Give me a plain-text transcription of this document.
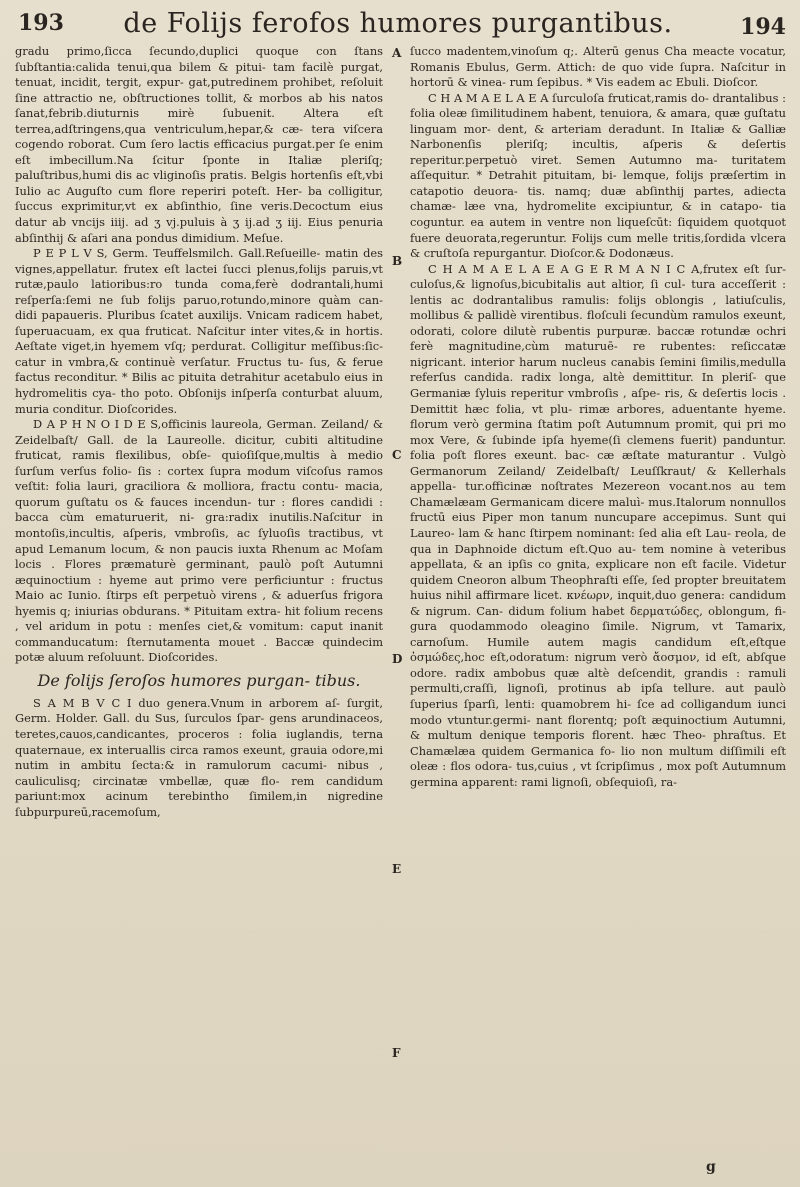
193	de Folijs ferofos humores purgantibus.	194

gradu primo,ſicca ſecundo,duplici quoque con ſtans ſubſtantia:calida tenui,qua bilem & pitui- tam facilè purgat, tenuat, incidit, tergit, expur- gat,putredinem prohibet, reſoluit ſine attractio ne, obſtructiones tollit, & morbos ab his natos ſanat,febrib.diuturnis mirè ſubuenit. Altera eſt terrea,adſtringens,qua ventriculum,hepar,& cæ- tera viſcera cogendo roborat. Cum ſero lactis efficacius purgat.per ſe enim eſt imbecillum.Na ſcitur ſponte in Italiæ pleriſq; paluſtribus,humi dis ac vliginoſis pratis. Belgis hortenſis eſt,vbi Iulio ac Auguſto cum flore reperiri poteſt. Her- ba colligitur, ſuccus exprimitur,vt ex abſinthio, ſine veris.Decoctum eius datur ab vncijs iiij. ad ʒ vj.puluis à ʒ ij.ad ʒ iij. Eius penuria abſinthij & aſari ana pondus dimidium. Meſue.

P E P L V S, Germ. Teuffelsmilch. Gall.Reſueille- matin des vignes,appellatur. frutex eſt lactei ſucci plenus,folijs paruis,vt rutæ,paulo latioribus:ro tunda coma,ferè dodrantali,humi reſperſa:ſemi ne ſub folijs paruo,rotundo,minore quàm can- didi papaueris. Pluribus ſcatet auxilijs. Vnicam radicem habet, ſuperuacuam, ex qua fruticat. Naſcitur inter vites,& in hortis. Aeſtate viget,in hyemem vſq; perdurat. Colligitur meſſibus:ſic- catur in vmbra,& continuè verſatur. Fructus tu- ſus, & ferue factus reconditur. * Bilis ac pituita detrahitur acetabulo eius in hydromelitis cya- tho poto. Obſonijs inſperſa conturbat aluum, muria conditur. Dioſcorides.

D A P H N O I D E S,officinis laureola, German. Zeiland/ & Zeidelbaſt/ Gall. de la Laureolle. dicitur, cubiti altitudine fruticat, ramis flexilibus, obſe- quioſiſque,multis à medio ſurſum verſus folio- ſis : cortex ſupra modum viſcoſus ramos veſtit: folia lauri, graciliora & molliora, fractu contu- macia, quorum guſtatu os & fauces incendun- tur : flores candidi : bacca cùm ematuruerit, ni- gra:radix inutilis.Naſcitur in montoſis,incultis, aſperis, vmbroſis, ac ſyluoſis tractibus, vt apud Lemanum locum, & non paucis iuxta Rhenum ac Moſam locis . Flores præmaturè germinant, paulò poſt Autumni æquinoctium : hyeme aut primo vere perficiuntur : fructus Maio ac Iunio. ſtirps eſt perpetuò virens , & aduerſus frigora hyemis q; iniurias obdurans. * Pituitam extra- hit folium recens , vel aridum in potu : menſes ciet,& vomitum: caput inanit commanducatum: ſternutamenta mouet . Baccæ quindecim potæ aluum reſoluunt. Dioſcorides.

De folijs ſeroſos humores purgan- tibus.

S A M B V C I duo genera.Vnum in arborem aſ- ſurgit, Germ. Holder. Gall. du Sus, ſurculos ſpar- gens arundinaceos, teretes,cauos,candicantes, proceros : folia iuglandis, terna quaternaue, ex interuallis circa ramos exeunt, grauia odore,mi nutim in ambitu ſecta:& in ramulorum cacumi- nibus , cauliculisq; circinatæ vmbellæ, quæ flo- rem candidum pariunt:mox acinum terebintho ſimilem,in nigredine ſubpurpureū,racemoſum,

A
B
C
D
E
F

ſucco madentem,vinoſum q;. Alterū genus Cha meacte vocatur, Romanis Ebulus, Germ. Attich: de quo vide ſupra. Naſcitur in hortorū & vinea- rum ſepibus. * Vis eadem ac Ebuli. Dioſcor.

C H A M A E L A E A ſurculoſa fruticat,ramis do- drantalibus : folia oleæ ſimilitudinem habent, tenuiora, & amara, quæ guſtatu linguam mor- dent, & arteriam deradunt. In Italiæ & Galliæ Narbonenſis pleriſq; incultis, aſperis & deſertis reperitur.perpetuò viret. Semen Autumno ma- turitatem aſſequitur. * Detrahit pituitam, bi- lemque, folijs præſertim in catapotio deuora- tis. namq; duæ abſinthij partes, adiecta chamæ- læe vna, hydromelite excipiuntur, & in catapo- tia coguntur. ea autem in ventre non liqueſcūt: ſiquidem quotquot fuere deuorata,regeruntur. Folijs cum melle tritis,ſordida vlcera & cruſtoſa repurgantur. Dioſcor.& Dodonæus.

C H A M A E L A E A G E R M A N I C A,frutex eſt ſur- culoſus,& lignoſus,bicubitalis aut altior, ſi cul- tura acceſſerit : lentis ac dodrantalibus ramulis: folijs oblongis , latiuſculis, mollibus & pallidè virentibus. floſculi ſecundùm ramulos exeunt, odorati, colore dilutè rubentis purpuræ. baccæ rotundæ ochri ferè magnitudine,cùm maturuē- re rubentes: reſiccatæ nigricant. interior harum nucleus canabis ſemini ſimilis,medulla referſus candida. radix longa, altè demittitur. In pleriſ- que Germaniæ ſyluis reperitur vmbroſis , aſpe- ris, & deſertis locis . Demittit hæc folia, vt plu- rimæ arbores, aduentante hyeme. florum verò germina ſtatim poſt Autumnum promit, qui pri mo mox Vere, & ſubinde ipſa hyeme(ſi clemens fuerit) panduntur. folia poſt flores exeunt. bac- cæ æſtate maturantur . Vulgò Germanorum Zeiland/ Zeidelbaſt/ Leuſſkraut/ & Kellerhals appella- tur.officinæ noſtrates Mezereon vocant.nos au tem Chamælæam Germanicam dicere maluì- mus.Italorum nonnullos fructū eius Piper mon tanum nuncupare accepimus. Sunt qui Laureo- lam & hanc ſtirpem nominant: ſed alia eſt Lau- reola, de qua in Daphnoide dictum eſt.Quo au- tem nomine à veteribus appellata, & an ipſis co gnita, explicare non eſt facile. Videtur quidem Cneoron album Theophraſti eſſe, ſed propter breuitatem huius nihil affirmare licet. κνέωρν, inquit,duo genera: candidum & nigrum. Can- didum folium habet δερματώδες, oblongum, fi- gura quodammodo oleagino ſimile. Nigrum, vt Tamarix, carnoſum. Humile autem magis candidum eſt,eſtque ὀσμώδες,hoc eſt,odoratum: nigrum verò ἄοσμον, id eſt, abſque odore. radix ambobus quæ altè deſcendit, grandis : ramuli permulti,craſſi, lignoſi, protinus ab ipſa tellure. aut paulò ſuperius ſparſi, lenti: quamobrem hi- ſce ad colligandum iunci modo vtuntur.germi- nant florentq; poſt æquinoctium Autumni, & multum denique temporis florent. hæc Theo- phraſtus. Et Chamælæa quidem Germanica fo- lio non multum diſſimili eſt oleæ : flos odora- tus,cuius , vt ſcripſimus , mox poſt Autumnum germina apparent: rami lignoſi, obſequioſi, ra-

g
